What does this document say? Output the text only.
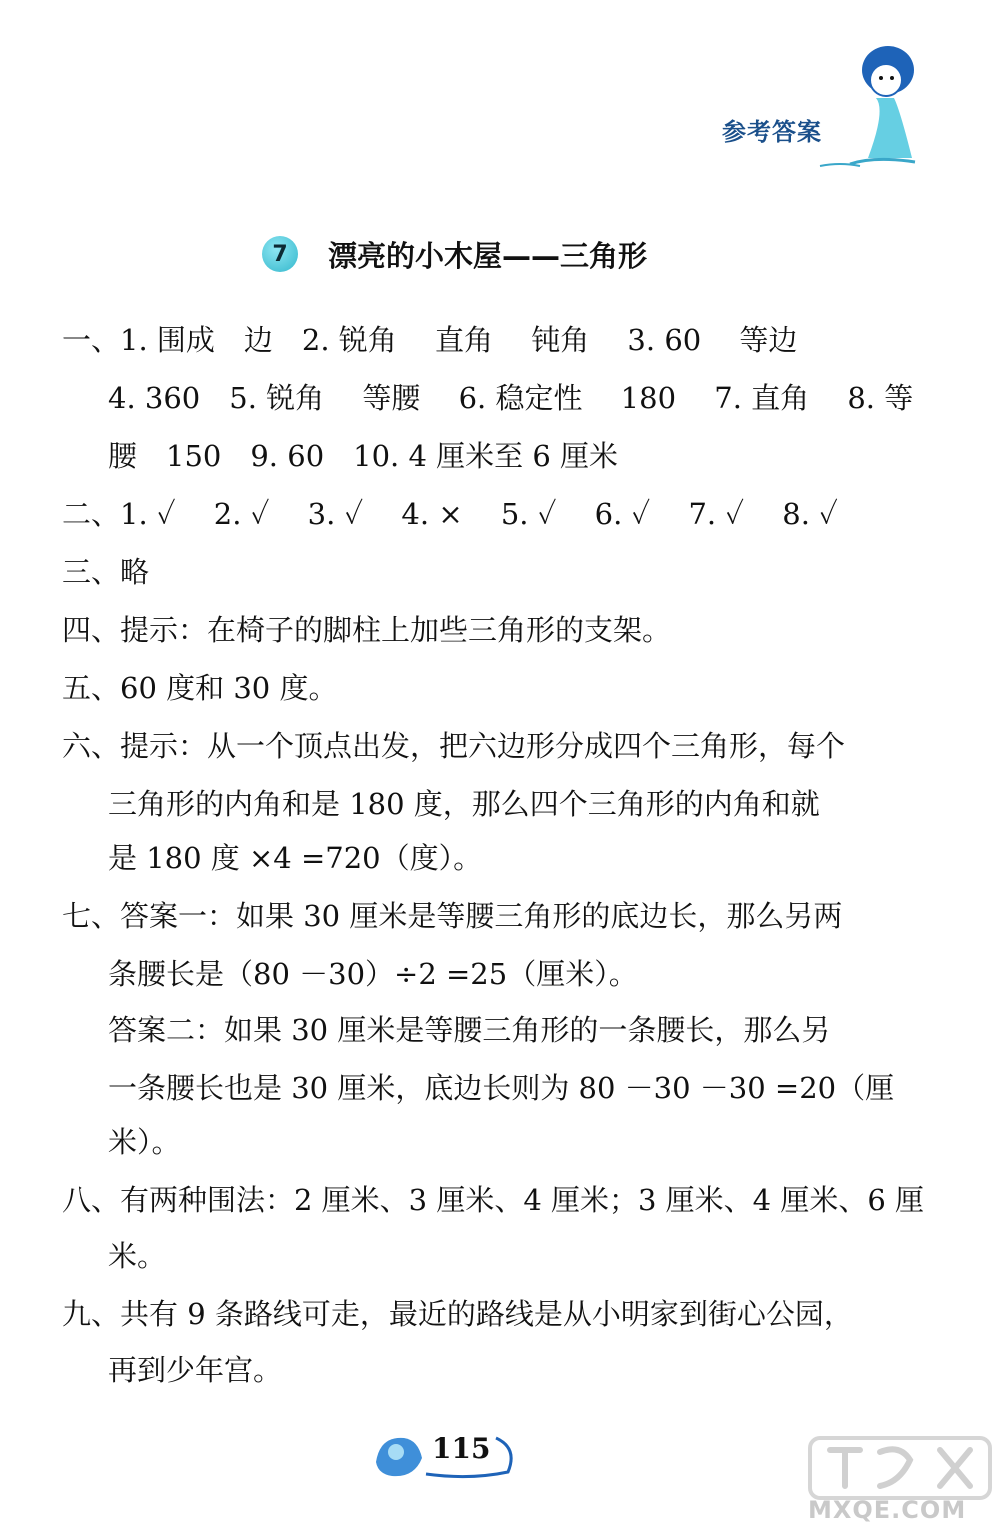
参考答案
7	漂亮的小木屋——三角形
一、1. 围成　边　2. 锐角　 直角　 钝角　 3. 60　 等边
4. 360　5. 锐角　 等腰　 6. 稳定性　 180　 7. 直角　 8. 等
腰　150　9. 60　10. 4 厘米至 6 厘米
二、1. ✓　 2. ✓　 3. ✓　 4. ×　 5. ✓　 6. ✓　 7. ✓　 8. ✓
三、略
四、提示：在椅子的脚柱上加些三角形的支架。
五、60 度和 30 度。
六、提示：从一个顶点出发，把六边形分成四个三角形，每个
三角形的内角和是 180 度，那么四个三角形的内角和就
是 180 度 ×4 =720（度）。
七、答案一：如果 30 厘米是等腰三角形的底边长，那么另两
条腰长是（80 －30）÷2 =25（厘米）。
答案二：如果 30 厘米是等腰三角形的一条腰长，那么另
一条腰长也是 30 厘米，底边长则为 80 －30 －30 =20（厘
米）。
八、有两种围法：2 厘米、3 厘米、4 厘米；3 厘米、4 厘米、6 厘
米。
九、共有 9 条路线可走，最近的路线是从小明家到街心公园，
再到少年宫。
115
MXQE.COM
